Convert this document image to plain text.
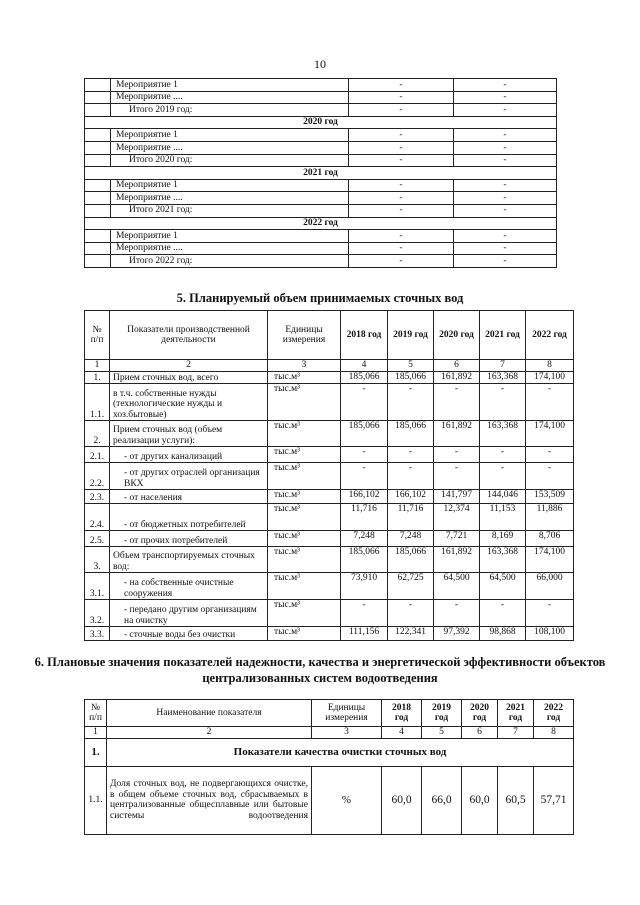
10
	Мероприятие 1	-	-
	Мероприятие ....	-	-
	Итого 2019 год:	-	-
2020 год			
	Мероприятие 1	-	-
	Мероприятие ....	-	-
	Итого 2020 год:	-	-
2021 год			
	Мероприятие 1	-	-
	Мероприятие ....	-	-
	Итого 2021 год:	-	-
2022 год			
	Мероприятие 1	-	-
	Мероприятие ....	-	-
	Итого 2022 год:	-	-
5. Планируемый объем принимаемых сточных вод
№ п/п	Показатели производственной деятельности	Единицы измерения	2018 год	2019 год	2020 год	2021 год	2022 год
1	2	3	4	5	6	7	8
1.	Прием сточных вод, всего	тыс.м³	185,066	185,066	161,892	163,368	174,100
1.1.	в т.ч. собственные нужды (технологические нужды и хоз.бытовые)	тыс.м³	-	-	-	-	-
2.	Прием сточных вод (объем реализации услуги):	тыс.м³	185,066	185,066	161,892	163,368	174,100
2.1.	- от других канализаций	тыс.м³	-	-	-	-	-
2.2.	- от других отраслей организация ВКХ	тыс.м³	-	-	-	-	-
2.3.	- от населения	тыс.м³	166,102	166,102	141,797	144,046	153,509
2.4.	- от бюджетных потребителей	тыс.м³	11,716	11,716	12,374	11,153	11,886
2.5.	- от прочих потребителей	тыс.м³	7,248	7,248	7,721	8,169	8,706
3.	Объем транспортируемых сточных вод:	тыс.м³	185,066	185,066	161,892	163,368	174,100
3.1.	- на собственные очистные сооружения	тыс.м³	73,910	62,725	64,500	64,500	66,000
3.2.	- передано другим организациям на очистку	тыс.м³	-	-	-	-	-
3.3.	- сточные воды без очистки	тыс.м³	111,156	122,341	97,392	98,868	108,100
6. Плановые значения показателей надежности, качества и энергетической эффективности объектов централизованных систем водоотведения
№ п/п	Наименование показателя	Единицы измерения	2018 год	2019 год	2020 год	2021 год	2022 год
1	2	3	4	5	6	7	8
1.	Показатели качества очистки сточных вод						
1.1.	Доля сточных вод, не подвергающихся очистке, в общем объеме сточных вод, сбрасываемых в централизованные общесплавные или бытовые системы водоотведения	%	60,0	66,0	60,0	60,5	57,71
